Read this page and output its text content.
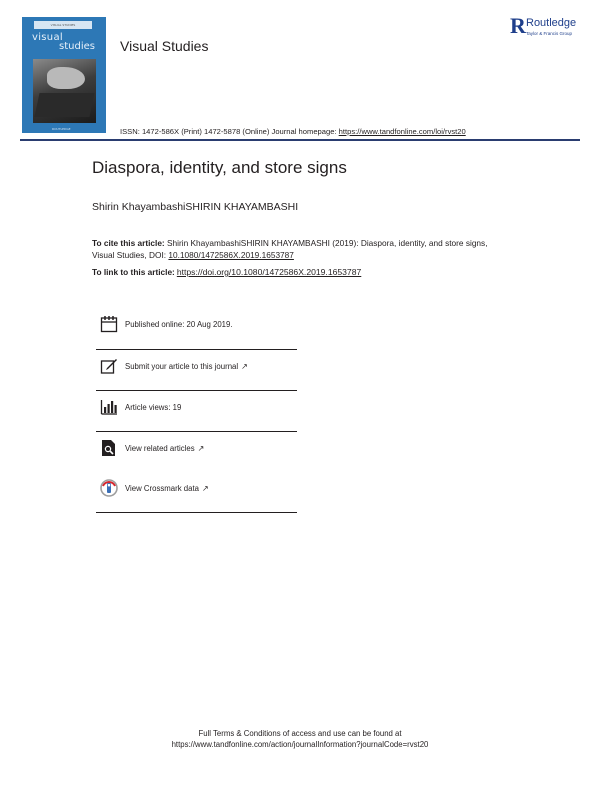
VISUAL STUDIES
visual
studies
ROUTLEDGE
Visual Studies
R Routledge
Taylor & Francis Group
ISSN: 1472-586X (Print) 1472-5878 (Online) Journal homepage: https://www.tandfonline.com/loi/rvst20
Diaspora, identity, and store signs
Shirin KhayambashiSHIRIN KHAYAMBASHI
To cite this article: Shirin KhayambashiSHIRIN KHAYAMBASHI (2019): Diaspora, identity, and store signs, Visual Studies, DOI: 10.1080/1472586X.2019.1653787
To link to this article: https://doi.org/10.1080/1472586X.2019.1653787
Published online: 20 Aug 2019.
Submit your article to this journal ↗
Article views: 19
View related articles ↗
View Crossmark data ↗
Full Terms & Conditions of access and use can be found at
https://www.tandfonline.com/action/journalInformation?journalCode=rvst20
